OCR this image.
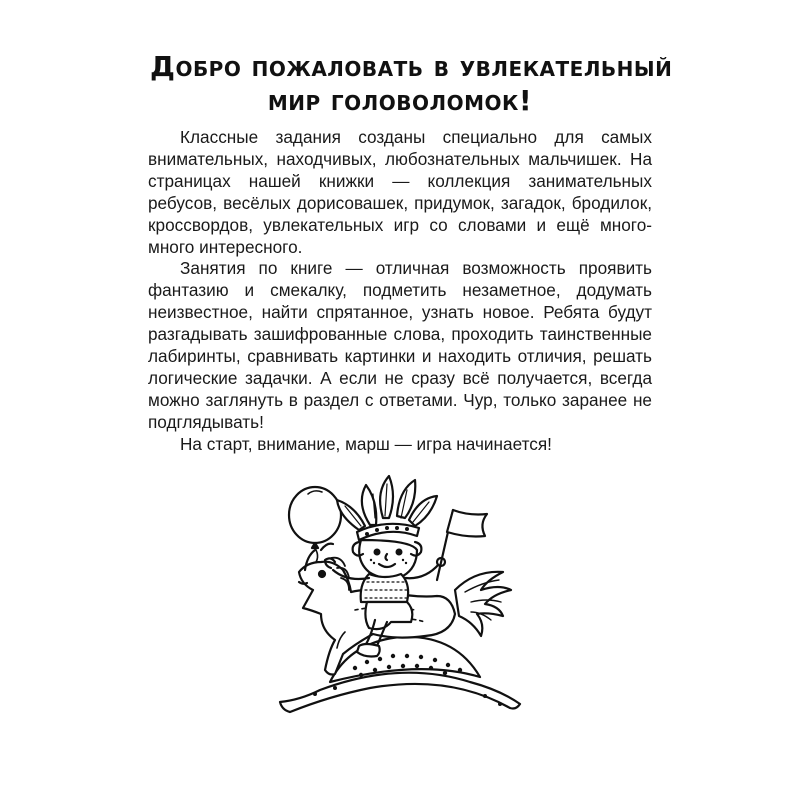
Добро пожаловать в увлекательный
мир головоломок!

Классные задания созданы специально для самых внимательных, находчивых, любознательных мальчишек. На страницах нашей книжки — коллекция занимательных ребусов, весёлых дорисовашек, придумок, загадок, бродилок, кроссвордов, увлекательных игр со словами и ещё много-много интересного.

Занятия по книге — отличная возможность проявить фантазию и смекалку, подметить незаметное, додумать неизвестное, найти спрятанное, узнать новое. Ребята будут разгадывать зашифрованные слова, проходить таинственные лабиринты, сравнивать картинки и находить отличия, решать логические задачки. А если не сразу всё получается, всегда можно заглянуть в раздел с ответами. Чур, только заранее не подглядывать!

На старт, внимание, марш — игра начинается!
